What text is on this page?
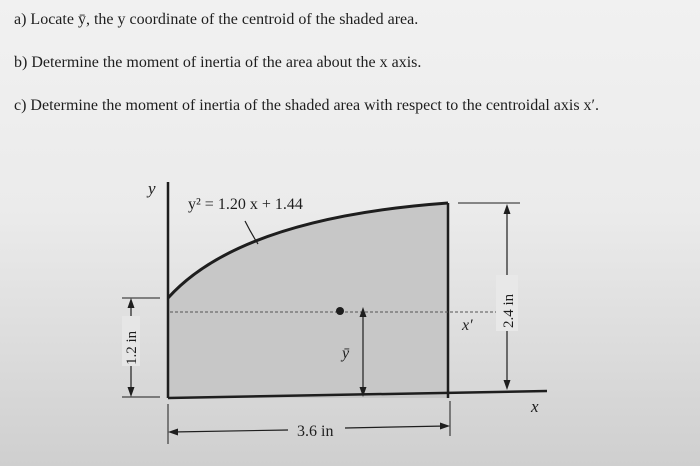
a) Locate ȳ, the y coordinate of the centroid of the shaded area.
b) Determine the moment of inertia of the area about the x axis.
c) Determine the moment of inertia of the shaded area with respect to the centroidal axis x′.
y
y² = 1.20 x + 1.44
x′
ȳ
x
3.6 in
1.2 in
2.4 in
